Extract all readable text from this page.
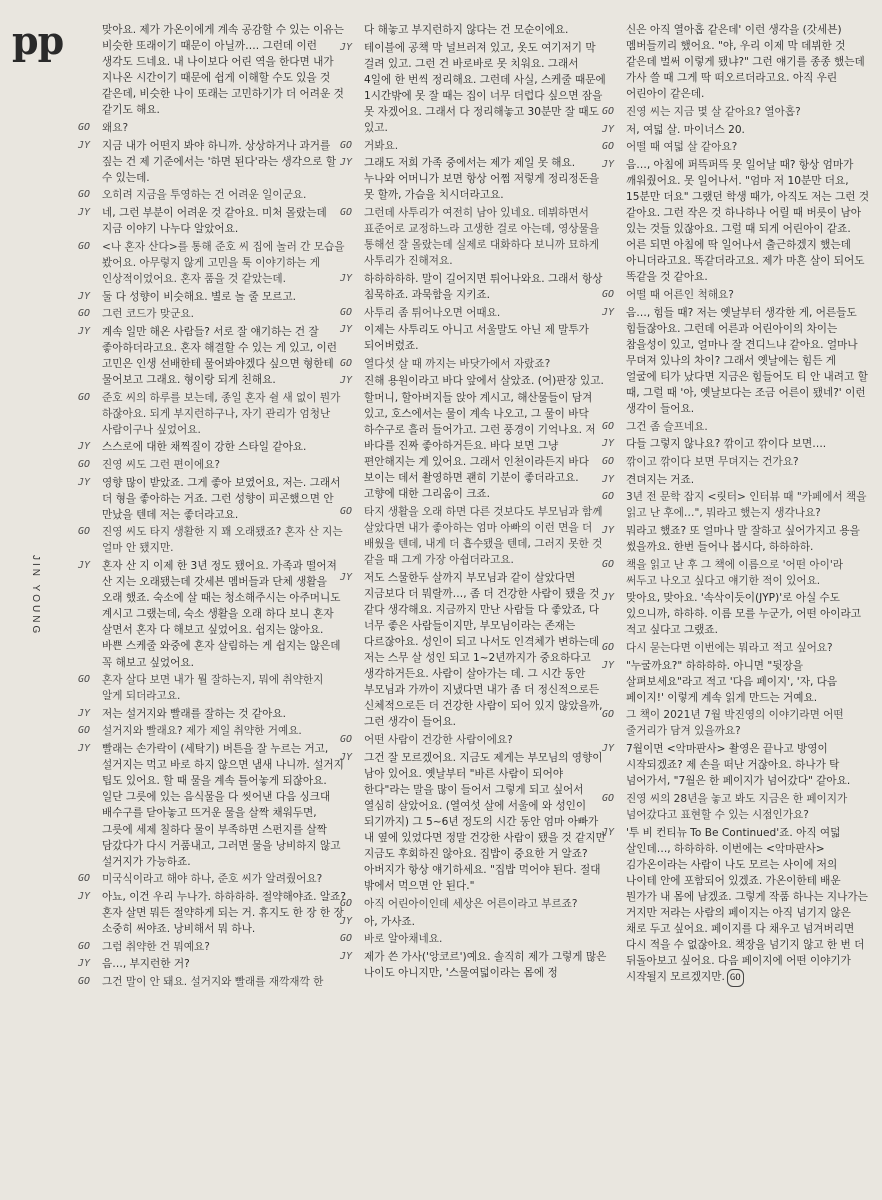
pp
JIN YOUNG
맞아요. 제가 가온이에게 계속 공감할 수 있는 이유는 비슷한 또래이기 때문이 아닐까…. 그런데 이런 생각도 드네요. 내 나이보다 어린 역을 한다면 내가 지나온 시간이기 때문에 쉽게 이해할 수도 있을 것 같은데, 비슷한 나이 또래는 고민하기가 더 어려운 것 같기도 해요.
GO	왜요?
JY	지금 내가 어떤지 봐야 하니까. 상상하거나 과거를 짚는 건 제 기준에서는 '하면 된다'라는 생각으로 할 수 있는데.
GO	오히려 지금을 투영하는 건 어려운 일이군요.
JY	네, 그런 부분이 어려운 것 같아요. 미처 몰랐는데 지금 이야기 나누다 알았어요.
GO	<나 혼자 산다>를 통해 준호 씨 집에 놀러 간 모습을 봤어요. 아무렇지 않게 고민을 툭 이야기하는 게 인상적이었어요. 혼자 품을 것 같았는데.
JY	둘 다 성향이 비슷해요. 별로 놀 줄 모르고.
GO	그런 코드가 맞군요.
JY	계속 일만 해온 사람들? 서로 잘 얘기하는 건 잘 좋아하더라고요. 혼자 해결할 수 있는 게 있고, 이런 고민은 인생 선배한테 물어봐야겠다 싶으면 형한테 물어보고 그래요. 형이랑 되게 친해요.
GO	준호 씨의 하루를 보는데, 종일 혼자 쉴 새 없이 뭔가 하잖아요. 되게 부지런하구나, 자기 관리가 엄청난 사람이구나 싶었어요.
JY	스스로에 대한 채찍질이 강한 스타일 같아요.
GO	진영 씨도 그런 편이에요?
JY	영향 많이 받았죠. 그게 좋아 보였어요, 저는. 그래서 더 형을 좋아하는 거죠. 그런 성향이 피곤했으면 안 만났을 텐데 저는 좋더라고요.
GO	진영 씨도 타지 생활한 지 꽤 오래됐죠? 혼자 산 지는 얼마 안 됐지만.
JY	혼자 산 지 이제 한 3년 정도 됐어요. 가족과 떨어져 산 지는 오래됐는데 갓세븐 멤버들과 단체 생활을 오래 했죠. 숙소에 살 때는 청소해주시는 아주머니도 계시고 그랬는데, 숙소 생활을 오래 하다 보니 혼자 살면서 혼자 다 해보고 싶었어요. 쉽지는 않아요. 바쁜 스케줄 와중에 혼자 살림하는 게 쉽지는 않은데 꼭 해보고 싶었어요.
GO	혼자 살다 보면 내가 뭘 잘하는지, 뭐에 취약한지 알게 되더라고요.
JY	저는 설거지와 빨래를 잘하는 것 같아요.
GO	설거지와 빨래요? 제가 제일 취약한 거예요.
JY	빨래는 손가락이 (세탁기) 버튼을 잘 누르는 거고, 설거지는 먹고 바로 하지 않으면 냄새 나니까. 설거지 팁도 있어요. 할 때 물을 계속 틀어놓게 되잖아요. 일단 그릇에 있는 음식물을 다 씻어낸 다음 싱크대 배수구를 닫아놓고 뜨거운 물을 살짝 채워두면, 그릇에 세제 칠하다 물이 부족하면 스펀지를 살짝 담갔다가 다시 거품내고, 그러면 물을 낭비하지 않고 설거지가 가능하죠.
GO	미국식이라고 해야 하나, 준호 씨가 알려줬어요?
JY	아뇨, 이건 우리 누나가. 하하하하. 절약해야죠. 알죠? 혼자 살면 뭐든 절약하게 되는 거. 휴지도 한 장 한 장 소중히 써야죠. 낭비해서 뭐 하나.
GO	그럼 취약한 건 뭐예요?
JY	음…, 부지런한 거?
GO	그건 말이 안 돼요. 설거지와 빨래를 재깍재깍 한
다 해놓고 부지런하지 않다는 건 모순이에요.
JY	테이블에 공책 막 널브러져 있고, 옷도 여기저기 막 걸려 있고. 그런 건 바로바로 못 치워요. 그래서 4일에 한 번씩 정리해요. 그런데 사실, 스케줄 때문에 1시간밖에 못 잘 때는 집이 너무 더럽다 싶으면 잠을 못 자겠어요. 그래서 다 정리해놓고 30분만 잘 때도 있고.
GO	거봐요.
JY	그래도 저희 가족 중에서는 제가 제일 못 해요. 누나와 어머니가 보면 항상 어쩜 저렇게 정리정돈을 못 할까, 가슴을 치시더라고요.
GO	그런데 사투리가 여전히 남아 있네요. 데뷔하면서 표준어로 교정하느라 고생한 걸로 아는데, 영상물을 통해선 잘 몰랐는데 실제로 대화하다 보니까 묘하게 사투리가 진해져요.
JY	하하하하하. 말이 길어지면 튀어나와요. 그래서 항상 침묵하죠. 과묵함을 지키죠.
GO	사투리 좀 튀어나오면 어때요.
JY	이제는 사투리도 아니고 서울말도 아닌 제 말투가 되어버렸죠.
GO	열다섯 살 때 까지는 바닷가에서 자랐죠?
JY	진해 용원이라고 바다 앞에서 살았죠. (어)판장 있고. 할머니, 할아버지들 앉아 계시고, 해산물들이 담겨 있고, 호스에서는 물이 계속 나오고, 그 물이 바닥 하수구로 흘러 들어가고. 그런 풍경이 기억나요. 저 바다를 진짜 좋아하거든요. 바다 보면 그냥 편안해지는 게 있어요. 그래서 인천이라든지 바다 보이는 데서 촬영하면 괜히 기분이 좋더라고요. 고향에 대한 그리움이 크죠.
GO	타지 생활을 오래 하면 다른 것보다도 부모님과 함께 살았다면 내가 좋아하는 엄마 아빠의 이런 면을 더 배웠을 텐데, 내게 더 흡수됐을 텐데, 그러지 못한 것 같을 때 그게 가장 아쉽더라고요.
JY	저도 스물한두 살까지 부모님과 같이 살았다면 지금보다 더 뭐랄까…, 좀 더 건강한 사람이 됐을 것 같다 생각해요. 지금까지 만난 사람들 다 좋았죠, 다 너무 좋은 사람들이지만, 부모님이라는 존재는 다르잖아요. 성인이 되고 나서도 인격체가 변하는데 저는 스무 살 성인 되고 1~2년까지가 중요하다고 생각하거든요. 사람이 살아가는 데. 그 시간 동안 부모님과 가까이 지냈다면 내가 좀 더 정신적으로든 신체적으로든 더 건강한 사람이 되어 있지 않았을까, 그런 생각이 들어요.
GO	어떤 사람이 건강한 사람이에요?
JY	그건 잘 모르겠어요. 지금도 제게는 부모님의 영향이 남아 있어요. 옛날부터 "바른 사람이 되어야 한다"라는 말을 많이 들어서 그렇게 되고 싶어서 열심히 살았어요. (열여섯 살에 서울에 와 성인이 되기까지) 그 5~6년 정도의 시간 동안 엄마 아빠가 내 옆에 있었다면 정말 건강한 사람이 됐을 것 같지만 지금도 후회하진 않아요. 집밥이 중요한 거 알죠? 아버지가 항상 얘기하세요. "집밥 먹어야 된다. 절대 밖에서 먹으면 안 된다."
GO	아직 어린아이인데 세상은 어른이라고 부르죠?
JY	아, 가사죠.
GO	바로 알아채네요.
JY	제가 쓴 가사('앙코르')예요. 솔직히 제가 그렇게 많은 나이도 아니지만, '스물여덟이라는 몸에 정
신은 아직 열아홉 같은데' 이런 생각을 (갓세븐) 멤버들끼리 했어요. "야, 우리 이제 막 데뷔한 것 같은데 벌써 이렇게 됐냐?" 그런 얘기를 종종 했는데 가사 쓸 때 그게 딱 떠오르더라고요. 아직 우린 어린아이 같은데.
GO	진영 씨는 지금 몇 살 같아요? 열아홉?
JY	저, 여덟 살. 마이너스 20.
GO	어떨 때 여덟 살 같아요?
JY	음…, 아침에 퍼뜩퍼뜩 못 일어날 때? 항상 엄마가 깨워줬어요. 못 일어나서. "엄마 저 10분만 더요, 15분만 더요" 그랬던 학생 때가, 아직도 저는 그런 것 같아요. 그런 작은 것 하나하나 어릴 때 버릇이 남아 있는 것들 있잖아요. 그럴 때 되게 어린아이 같죠. 어른 되면 아침에 딱 일어나서 출근하겠지 했는데 아니더라고요. 똑같더라고요. 제가 마흔 살이 되어도 똑같을 것 같아요.
GO	어떨 때 어른인 척해요?
JY	음…, 힘들 때? 저는 옛날부터 생각한 게, 어른들도 힘들잖아요. 그런데 어른과 어린아이의 차이는 참을성이 있고, 얼마나 잘 견디느냐 같아요. 얼마나 무뎌져 있나의 차이? 그래서 옛날에는 힘든 게 얼굴에 티가 났다면 지금은 힘들어도 티 안 내려고 할 때, 그럴 때 '아, 옛날보다는 조금 어른이 됐네?' 이런 생각이 들어요.
GO	그건 좀 슬프네요.
JY	다들 그렇지 않나요? 깎이고 깎이다 보면….
GO	깎이고 깎이다 보면 무뎌지는 건가요?
JY	견뎌지는 거죠.
GO	3년 전 문학 잡지 <릿터> 인터뷰 때 "카페에서 책을 읽고 난 후에…", 뭐라고 했는지 생각나요?
JY	뭐라고 했죠? 또 얼마나 말 잘하고 싶어가지고 용을 썼을까요. 한번 들어나 봅시다, 하하하하.
GO	책을 읽고 난 후 그 책에 이름으로 '어떤 아이'라 써두고 나오고 싶다고 얘기한 적이 있어요.
JY	맞아요, 맞아요. '속삭이듯이(JYP)'로 아실 수도 있으니까, 하하하. 이름 모를 누군가, 어떤 아이라고 적고 싶다고 그랬죠.
GO	다시 묻는다면 이번에는 뭐라고 적고 싶어요?
JY	"누굴까요?" 하하하하. 아니면 "뒷장을 살펴보세요"라고 적고 '다음 페이지', '자, 다음 페이지!' 이렇게 계속 읽게 만드는 거예요.
GO	그 책이 2021년 7월 박진영의 이야기라면 어떤 줄거리가 담겨 있을까요?
JY	7월이면 <악마판사> 촬영은 끝나고 방영이 시작되겠죠? 제 손을 떠난 거잖아요. 하나가 탁 넘어가서, "7월은 한 페이지가 넘어갔다" 같아요.
GO	진영 씨의 28년을 놓고 봐도 지금은 한 페이지가 넘어갔다고 표현할 수 있는 시점인가요?
JY	'투 비 컨티뉴 To Be Continued'죠. 아직 여덟 살인데…, 하하하하. 이번에는 <악마판사> 김가온이라는 사람이 나도 모르는 사이에 저의 나이테 안에 포함되어 있겠죠. 가온이한테 배운 뭔가가 내 몸에 남겠죠. 그렇게 작품 하나는 지나가는 거지만 저라는 사람의 페이지는 아직 넘기지 않은 채로 두고 싶어요. 페이지를 다 채우고 넘겨버리면 다시 적을 수 없잖아요. 책장을 넘기지 않고 한 번 더 뒤돌아보고 싶어요. 다음 페이지에 어떤 이야기가 시작될지 모르겠지만. GO
